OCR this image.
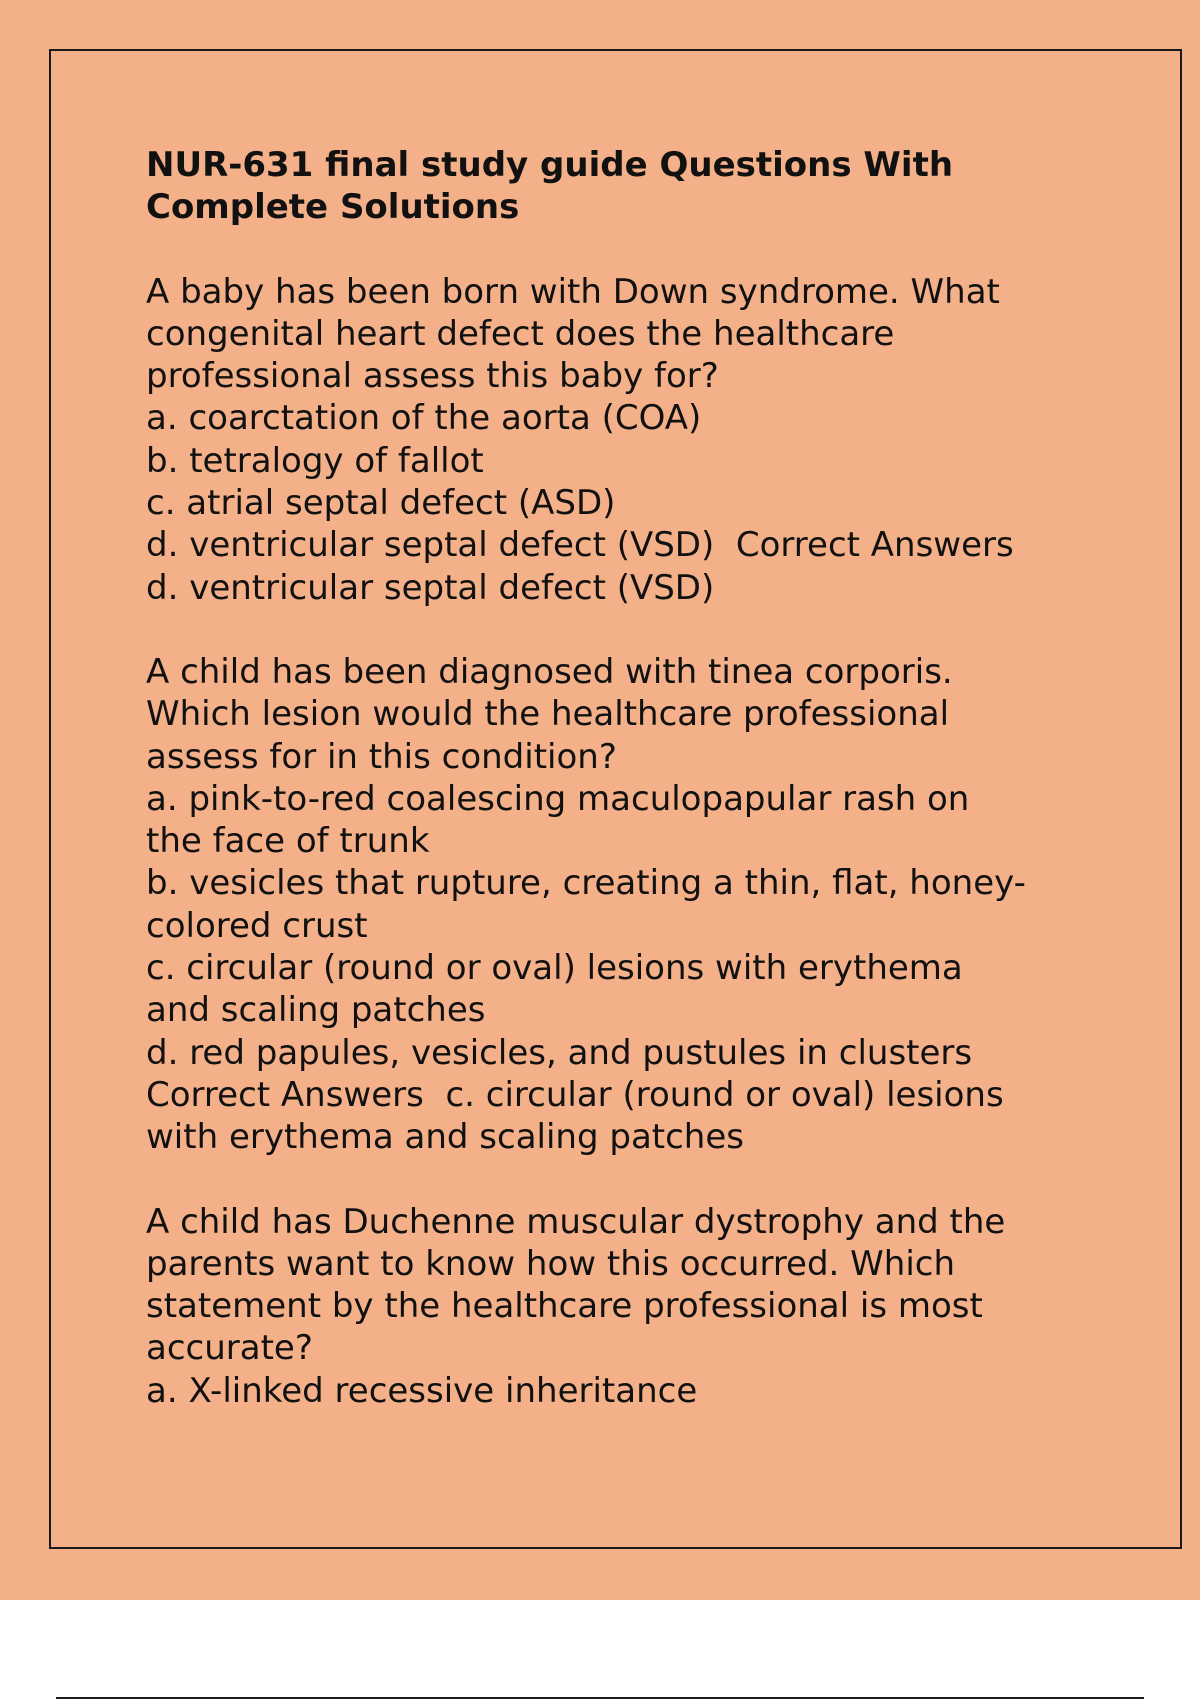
NUR-631 final study guide Questions With
Complete Solutions
A baby has been born with Down syndrome. What
congenital heart defect does the healthcare
professional assess this baby for?
a. coarctation of the aorta (COA)
b. tetralogy of fallot
c. atrial septal defect (ASD)
d. ventricular septal defect (VSD)  Correct Answers
d. ventricular septal defect (VSD)
A child has been diagnosed with tinea corporis.
Which lesion would the healthcare professional
assess for in this condition?
a. pink-to-red coalescing maculopapular rash on
the face of trunk
b. vesicles that rupture, creating a thin, flat, honey-
colored crust
c. circular (round or oval) lesions with erythema
and scaling patches
d. red papules, vesicles, and pustules in clusters
Correct Answers  c. circular (round or oval) lesions
with erythema and scaling patches
A child has Duchenne muscular dystrophy and the
parents want to know how this occurred. Which
statement by the healthcare professional is most
accurate?
a. X-linked recessive inheritance
